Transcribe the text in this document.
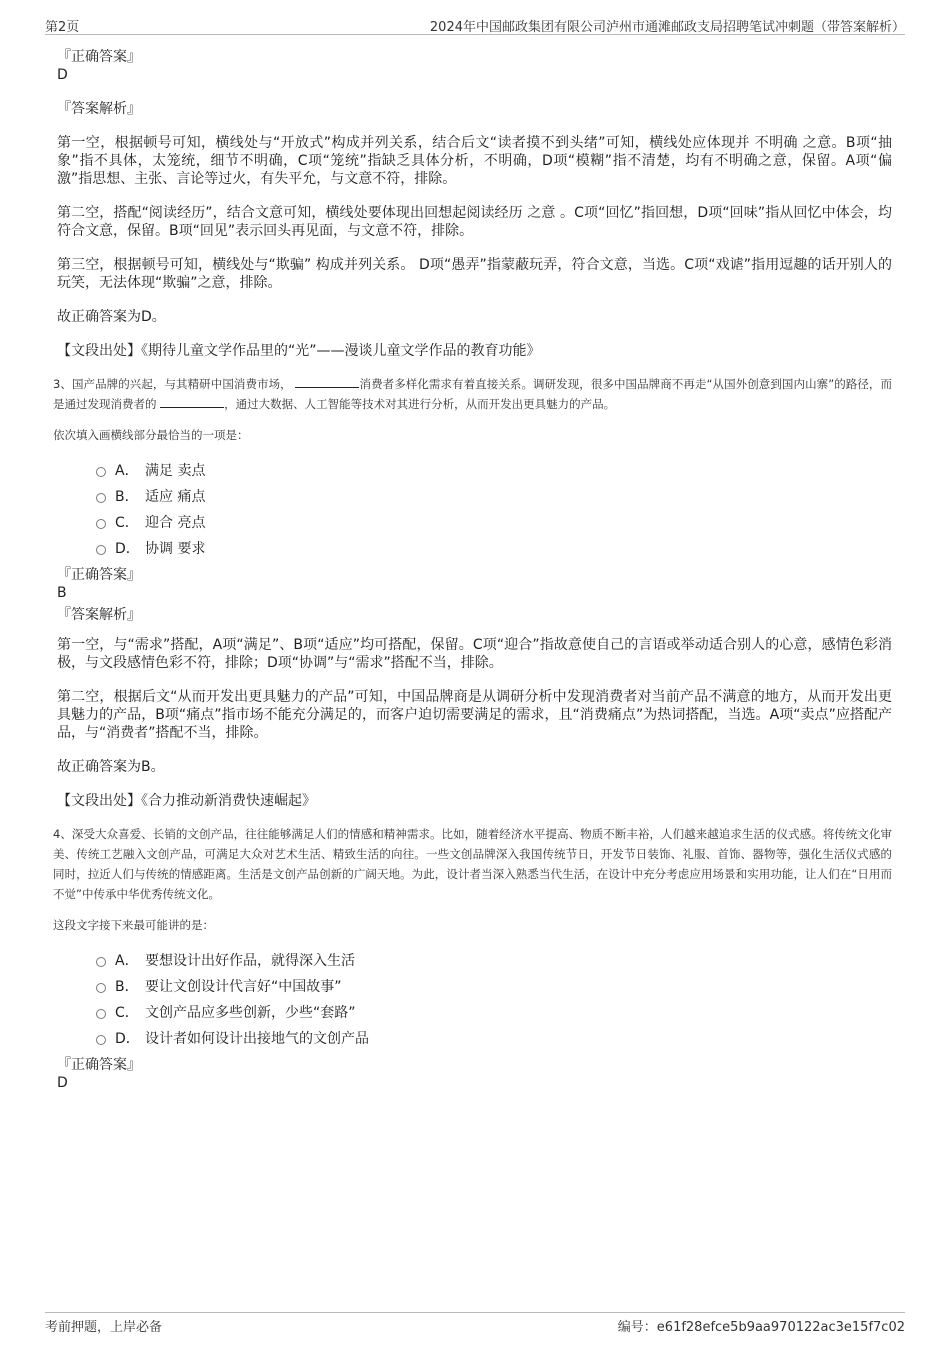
第2页	2024年中国邮政集团有限公司泸州市通滩邮政支局招聘笔试冲刺题（带答案解析）
『正确答案』
D
『答案解析』
第一空，根据顿号可知，横线处与“开放式”构成并列关系，结合后文“读者摸不到头绪”可知，横线处应体现并 不明确 之意。B项“抽象”指不具体，太笼统，细节不明确，C项“笼统”指缺乏具体分析，不明确，D项“模糊”指不清楚，均有不明确之意，保留。A项“偏激”指思想、主张、言论等过火，有失平允，与文意不符，排除。
第二空，搭配“阅读经历”，结合文意可知，横线处要体现出回想起阅读经历 之意 。C项“回忆”指回想，D项“回味”指从回忆中体会，均符合文意，保留。B项“回见”表示回头再见面，与文意不符，排除。
第三空，根据顿号可知，横线处与“欺骗” 构成并列关系。 D项“愚弄”指蒙蔽玩弄，符合文意，当选。C项“戏谑”指用逗趣的话开别人的玩笑，无法体现“欺骗”之意，排除。
故正确答案为D。
【文段出处】《期待儿童文学作品里的“光”——漫谈儿童文学作品的教育功能》
3、国产品牌的兴起，与其精研中国消费市场，	消费者多样化需求有着直接关系。调研发现，很多中国品牌商不再走“从国外创意到国内山寨”的路径，而是通过发现消费者的	，通过大数据、人工智能等技术对其进行分析，从而开发出更具魅力的产品。
依次填入画横线部分最恰当的一项是：
A． 满足 卖点
B． 适应 痛点
C． 迎合 亮点
D． 协调 要求
『正确答案』
B
『答案解析』
第一空，与“需求”搭配，A项“满足”、B项“适应”均可搭配，保留。C项“迎合”指故意使自己的言语或举动适合别人的心意，感情色彩消极，与文段感情色彩不符，排除；D项“协调”与“需求”搭配不当，排除。
第二空，根据后文“从而开发出更具魅力的产品”可知，中国品牌商是从调研分析中发现消费者对当前产品不满意的地方，从而开发出更具魅力的产品，B项“痛点”指市场不能充分满足的，而客户迫切需要满足的需求，且“消费痛点”为热词搭配，当选。A项“卖点”应搭配产品，与“消费者”搭配不当，排除。
故正确答案为B。
【文段出处】《合力推动新消费快速崛起》
4、深受大众喜爱、长销的文创产品，往往能够满足人们的情感和精神需求。比如，随着经济水平提高、物质不断丰裕，人们越来越追求生活的仪式感。将传统文化审美、传统工艺融入文创产品，可满足大众对艺术生活、精致生活的向往。一些文创品牌深入我国传统节日，开发节日装饰、礼服、首饰、器物等，强化生活仪式感的同时，拉近人们与传统的情感距离。生活是文创产品创新的广阔天地。为此，设计者当深入熟悉当代生活，在设计中充分考虑应用场景和实用功能，让人们在“日用而不觉”中传承中华优秀传统文化。
这段文字接下来最可能讲的是：
A． 要想设计出好作品，就得深入生活
B． 要让文创设计代言好“中国故事”
C． 文创产品应多些创新，少些“套路”
D． 设计者如何设计出接地气的文创产品
『正确答案』
D
考前押题，上岸必备	编号：e61f28efce5b9aa970122ac3e15f7c02
